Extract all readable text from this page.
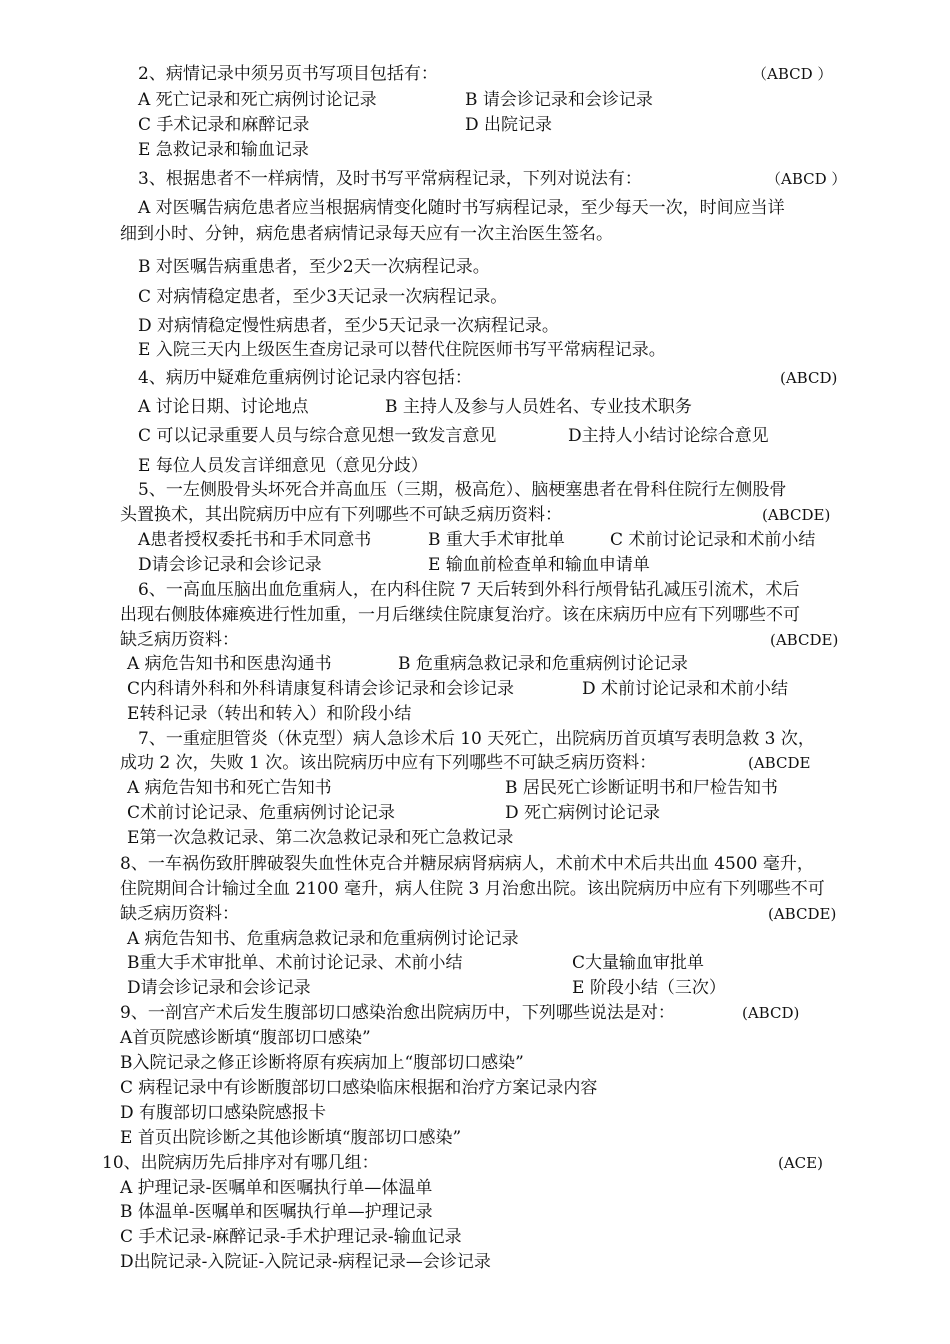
2、病情记录中须另页书写项目包括有：	（ABCD ）
A 死亡记录和死亡病例讨论记录	B 请会诊记录和会诊记录
C 手术记录和麻醉记录	D 出院记录
E 急救记录和输血记录
3、根据患者不一样病情，及时书写平常病程记录，下列对说法有：	（ABCD ）
A 对医嘱告病危患者应当根据病情变化随时书写病程记录，至少每天一次，时间应当详
细到小时、分钟，病危患者病情记录每天应有一次主治医生签名。
B 对医嘱告病重患者，至少2天一次病程记录。
C 对病情稳定患者，至少3天记录一次病程记录。
D 对病情稳定慢性病患者，至少5天记录一次病程记录。
E 入院三天内上级医生查房记录可以替代住院医师书写平常病程记录。
4、病历中疑难危重病例讨论记录内容包括：	(ABCD)
A 讨论日期、讨论地点	B 主持人及参与人员姓名、专业技术职务
C 可以记录重要人员与综合意见想一致发言意见	D主持人小结讨论综合意见
E 每位人员发言详细意见（意见分歧）
5、一左侧股骨头坏死合并高血压（三期，极高危）、脑梗塞患者在骨科住院行左侧股骨
头置换术，其出院病历中应有下列哪些不可缺乏病历资料：	(ABCDE)
A患者授权委托书和手术同意书	B 重大手术审批单	C 术前讨论记录和术前小结
D请会诊记录和会诊记录	E 输血前检查单和输血申请单
6、一高血压脑出血危重病人，在内科住院 7 天后转到外科行颅骨钻孔减压引流术，术后
出现右侧肢体瘫痪进行性加重，一月后继续住院康复治疗。该在床病历中应有下列哪些不可
缺乏病历资料：	(ABCDE)
A 病危告知书和医患沟通书	B 危重病急救记录和危重病例讨论记录
C内科请外科和外科请康复科请会诊记录和会诊记录	D 术前讨论记录和术前小结
E转科记录（转出和转入）和阶段小结
7、一重症胆管炎（休克型）病人急诊术后 10 天死亡，出院病历首页填写表明急救 3 次，
成功 2 次，失败 1 次。该出院病历中应有下列哪些不可缺乏病历资料：	(ABCDE
A 病危告知书和死亡告知书	B 居民死亡诊断证明书和尸检告知书
C术前讨论记录、危重病例讨论记录	D 死亡病例讨论记录
E第一次急救记录、第二次急救记录和死亡急救记录
8、一车祸伤致肝脾破裂失血性休克合并糖尿病肾病病人，术前术中术后共出血 4500 毫升，
住院期间合计输过全血 2100 毫升，病人住院 3 月治愈出院。该出院病历中应有下列哪些不可
缺乏病历资料：	(ABCDE)
A 病危告知书、危重病急救记录和危重病例讨论记录
B重大手术审批单、术前讨论记录、术前小结	C大量输血审批单
D请会诊记录和会诊记录	E 阶段小结（三次）
9、一剖宫产术后发生腹部切口感染治愈出院病历中，下列哪些说法是对：	(ABCD)
A首页院感诊断填“腹部切口感染”
B入院记录之修正诊断将原有疾病加上“腹部切口感染”
C 病程记录中有诊断腹部切口感染临床根据和治疗方案记录内容
D 有腹部切口感染院感报卡
E 首页出院诊断之其他诊断填“腹部切口感染”
10、出院病历先后排序对有哪几组：	(ACE)
A 护理记录-医嘱单和医嘱执行单—体温单
B 体温单-医嘱单和医嘱执行单—护理记录
C 手术记录-麻醉记录-手术护理记录-输血记录
D出院记录-入院证-入院记录-病程记录—会诊记录
